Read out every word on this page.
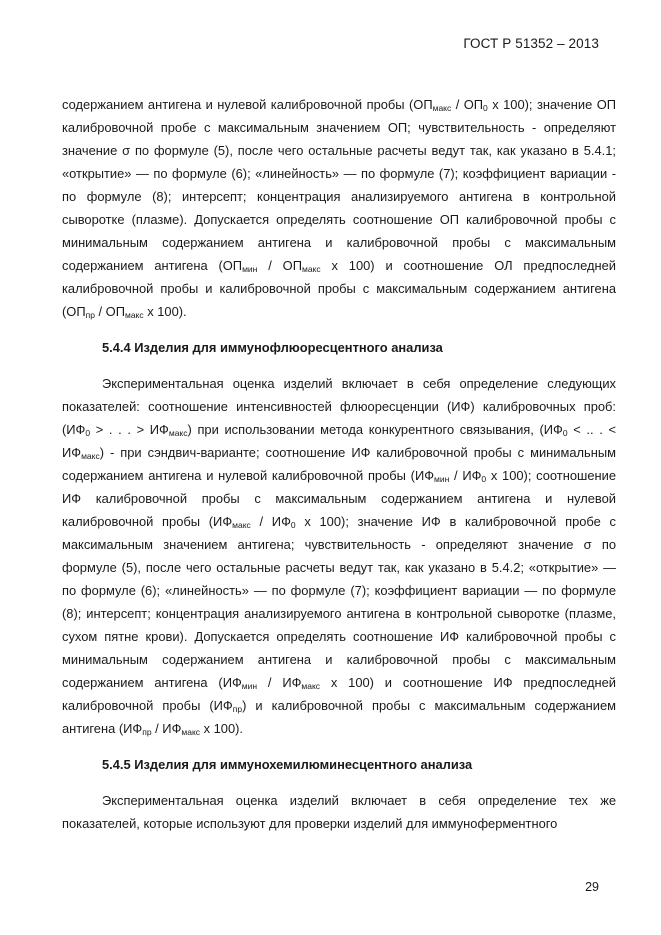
ГОСТ Р 51352 – 2013

содержанием антигена и нулевой калибровочной пробы ($ОП_{макс} / ОП_0$ х 100); значение ОП калибровочной пробе с максимальным значением ОП; чувствительность - определяют значение σ по формуле (5), после чего остальные расчеты ведут так, как указано в 5.4.1; «открытие» — по формуле (6); «линейность» — по формуле (7); коэффициент вариации - по формуле (8); интерсепт; концентрация анализируемого антигена в контрольной сыворотке (плазме). Допускается определять соотношение ОП калибровочной пробы с минимальным содержанием антигена и калибровочной пробы с максимальным содержанием антигена ($ОП_{мин} / ОП_{макс}$ х 100) и соотношение ОЛ предпоследней калибровочной пробы и калибровочной пробы с максимальным содержанием антигена ($ОП_{пр} / ОП_{макс}$ х 100).

5.4.4 Изделия для иммунофлюоресцентного анализа

Экспериментальная оценка изделий включает в себя определение следующих показателей: соотношение интенсивностей флюоресценции (ИФ) калибровочных проб: ($ИФ_0$ > . . . > $ИФ_{макс}$) при использовании метода конкурентного связывания, ($ИФ_0$ < .. . < $ИФ_{макс}$) - при сэндвич-варианте; соотношение ИФ калибровочной пробы с минимальным содержанием антигена и нулевой калибровочной пробы ($ИФ_{мин} / ИФ_0$ х 100); соотношение ИФ калибровочной пробы с максимальным содержанием антигена и нулевой калибровочной пробы ($ИФ_{макс} / ИФ_0$ х 100); значение ИФ в калибровочной пробе с максимальным значением антигена; чувствительность - определяют значение σ по формуле (5), после чего остальные расчеты ведут так, как указано в 5.4.2; «открытие» — по формуле (6); «линейность» — по формуле (7); коэффициент вариации — по формуле (8); интерсепт; концентрация анализируемого антигена в контрольной сыворотке (плазме, сухом пятне крови). Допускается определять соотношение ИФ калибровочной пробы с минимальным содержанием антигена и калибровочной пробы с максимальным содержанием антигена ($ИФ_{мин} / ИФ_{макс}$ х 100) и соотношение ИФ предпоследней калибровочной пробы $(ИФ_{пр})$ и калибровочной пробы с максимальным содержанием антигена ($ИФ_{пр} / ИФ_{макс}$ х 100).

5.4.5 Изделия для иммунохемилюминесцентного анализа

Экспериментальная оценка изделий включает в себя определение тех же показателей, которые используют для проверки изделий для иммуноферментного

29
